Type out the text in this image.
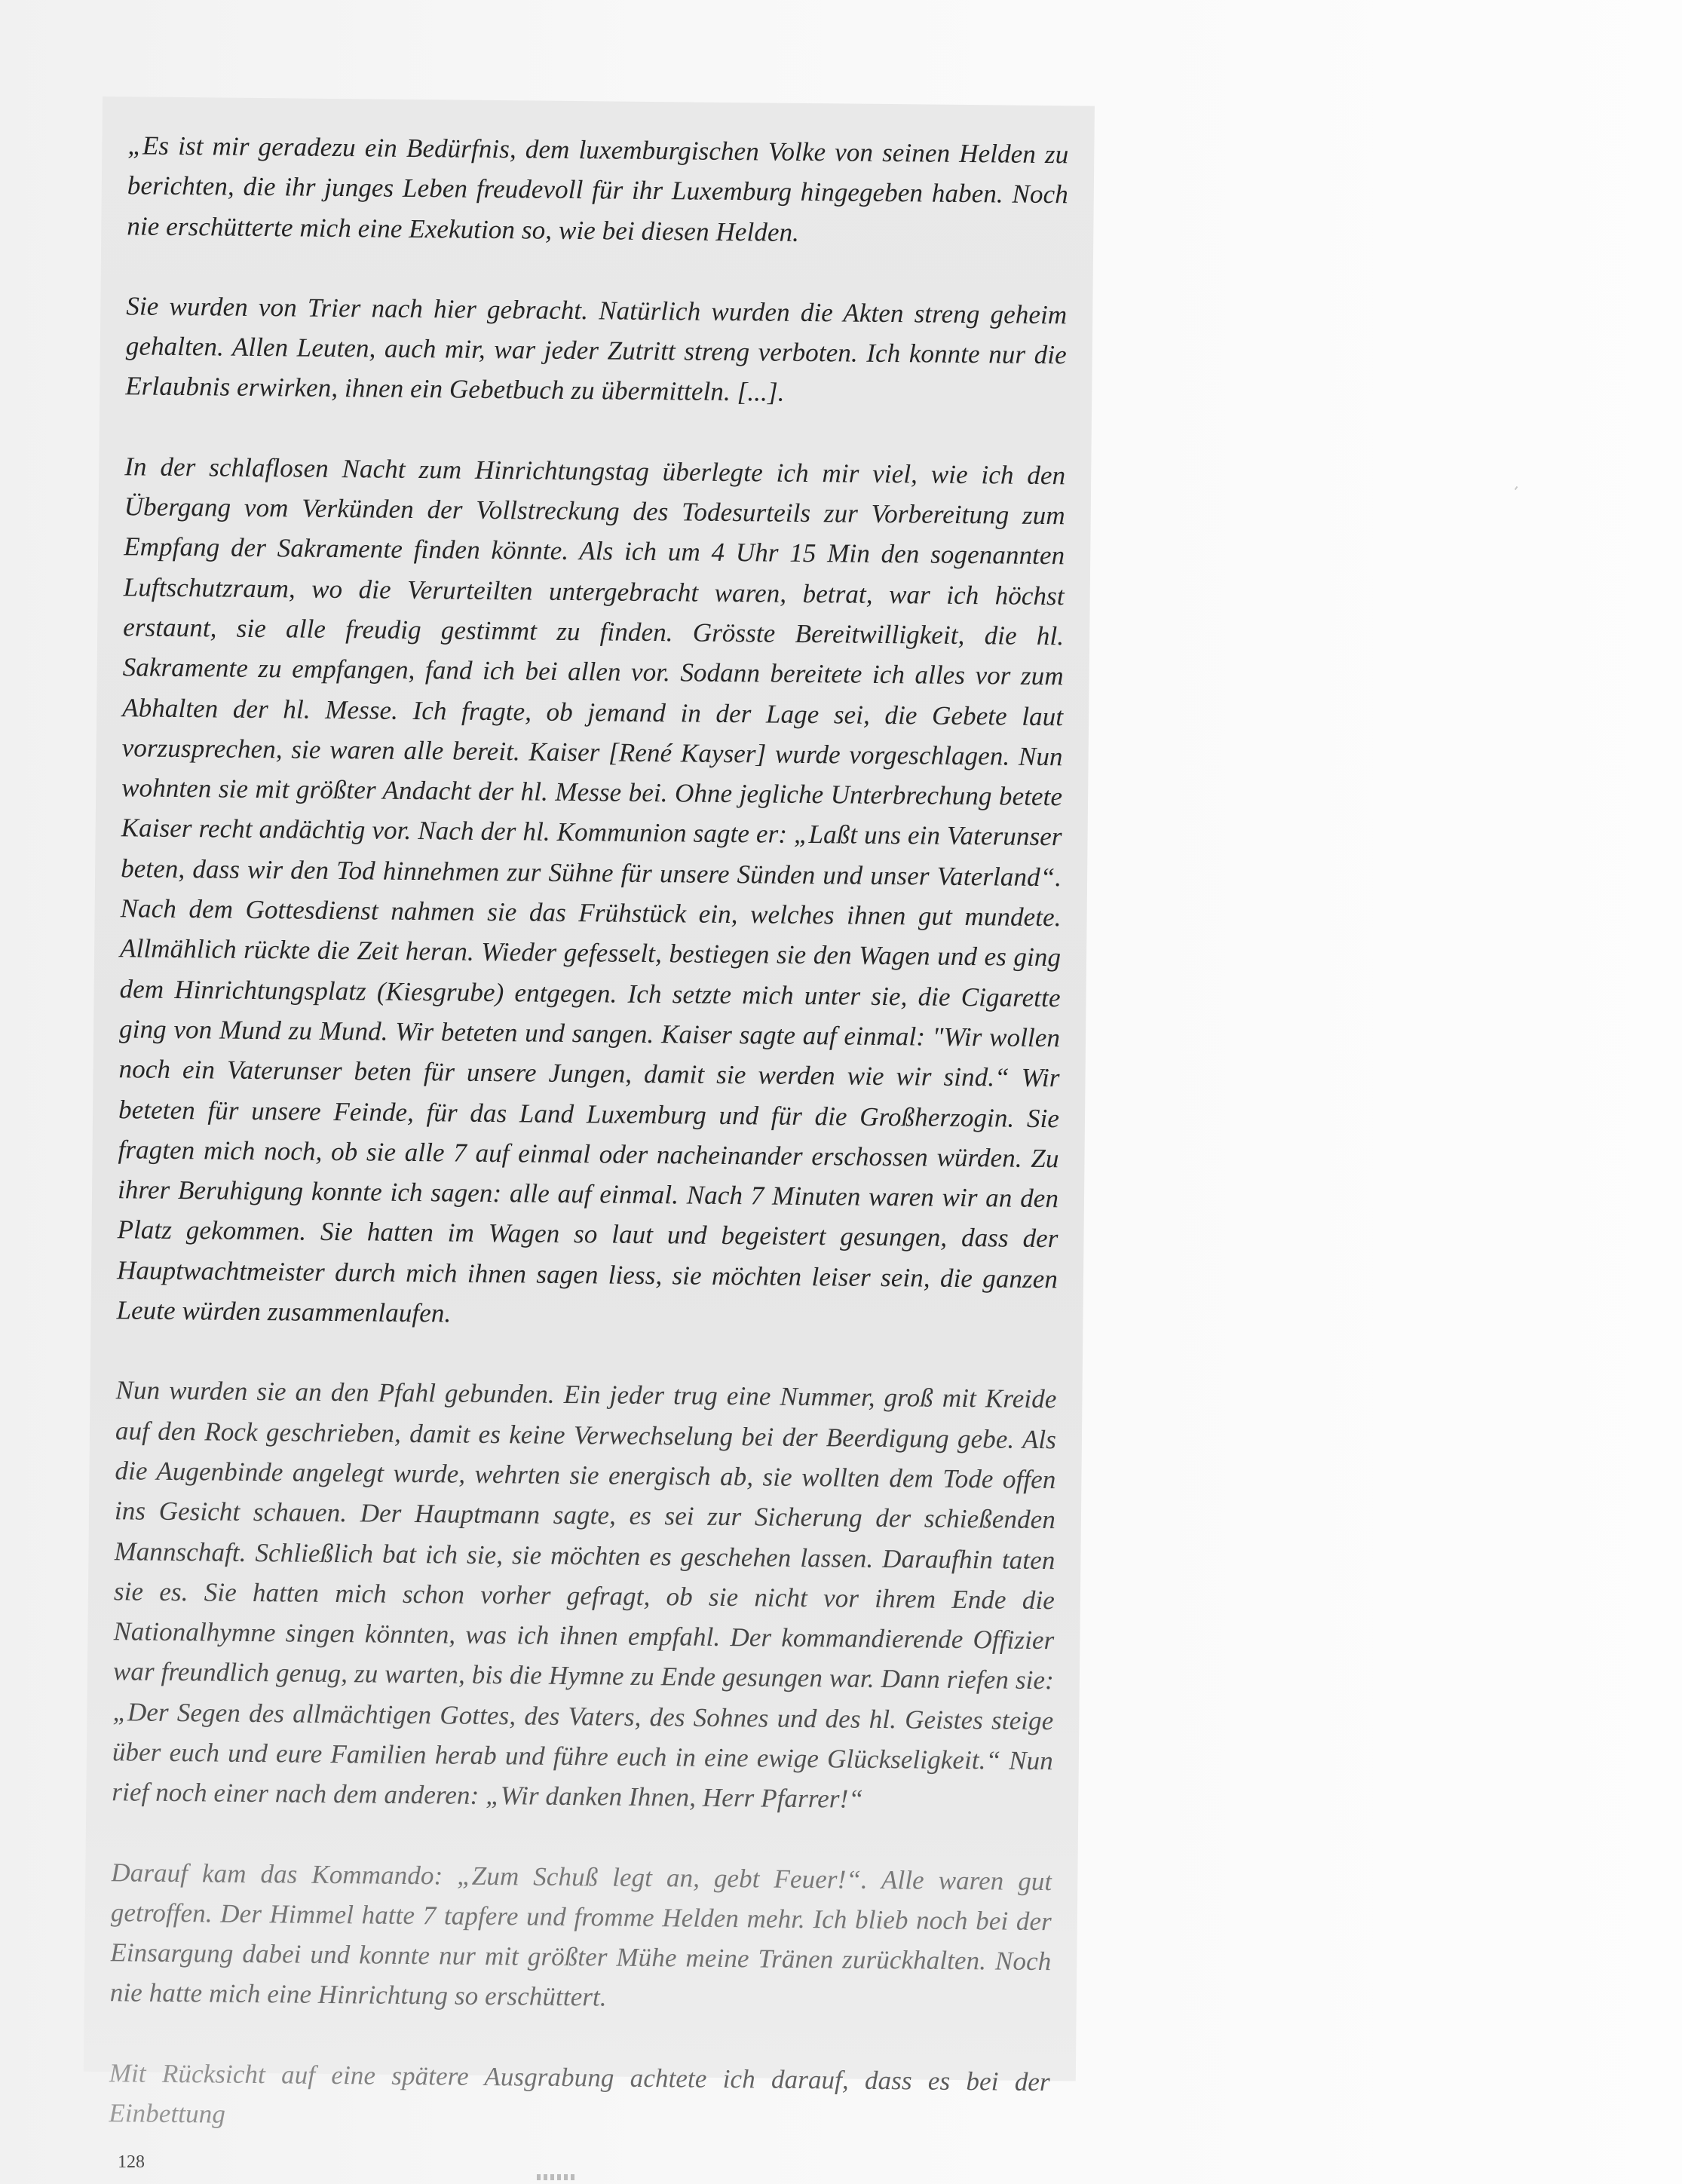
„Es ist mir geradezu ein Bedürfnis, dem luxemburgischen Volke von seinen Helden zu berichten, die ihr junges Leben freudevoll für ihr Luxemburg hingegeben haben. Noch nie erschütterte mich eine Exekution so, wie bei diesen Helden.

Sie wurden von Trier nach hier gebracht. Natürlich wurden die Akten streng geheim gehalten. Allen Leuten, auch mir, war jeder Zutritt streng verboten. Ich konnte nur die Erlaubnis erwirken, ihnen ein Gebetbuch zu übermitteln. [...].

In der schlaflosen Nacht zum Hinrichtungstag überlegte ich mir viel, wie ich den Übergang vom Verkünden der Vollstreckung des Todesurteils zur Vorbereitung zum Empfang der Sakramente finden könnte. Als ich um 4 Uhr 15 Min den sogenannten Luftschutzraum, wo die Verurteilten untergebracht waren, betrat, war ich höchst erstaunt, sie alle freudig gestimmt zu finden. Grösste Bereitwilligkeit, die hl. Sakramente zu empfangen, fand ich bei allen vor. Sodann bereitete ich alles vor zum Abhalten der hl. Messe. Ich fragte, ob jemand in der Lage sei, die Gebete laut vorzusprechen, sie waren alle bereit. Kaiser [René Kayser] wurde vorgeschlagen. Nun wohnten sie mit größter Andacht der hl. Messe bei. Ohne jegliche Unterbrechung betete Kaiser recht andächtig vor. Nach der hl. Kommunion sagte er: „Laßt uns ein Vaterunser beten, dass wir den Tod hinnehmen zur Sühne für unsere Sünden und unser Vaterland“. Nach dem Gottesdienst nahmen sie das Frühstück ein, welches ihnen gut mundete. Allmählich rückte die Zeit heran. Wieder gefesselt, bestiegen sie den Wagen und es ging dem Hinrichtungsplatz (Kiesgrube) entgegen. Ich setzte mich unter sie, die Cigarette ging von Mund zu Mund. Wir beteten und sangen. Kaiser sagte auf einmal: "Wir wollen noch ein Vaterunser beten für unsere Jungen, damit sie werden wie wir sind.“ Wir beteten für unsere Feinde, für das Land Luxemburg und für die Großherzogin. Sie fragten mich noch, ob sie alle 7 auf einmal oder nacheinander erschossen würden. Zu ihrer Beruhigung konnte ich sagen: alle auf einmal. Nach 7 Minuten waren wir an den Platz gekommen. Sie hatten im Wagen so laut und begeistert gesungen, dass der Hauptwachtmeister durch mich ihnen sagen liess, sie möchten leiser sein, die ganzen Leute würden zusammenlaufen.

Nun wurden sie an den Pfahl gebunden. Ein jeder trug eine Nummer, groß mit Kreide auf den Rock geschrieben, damit es keine Verwechselung bei der Beerdigung gebe. Als die Augenbinde angelegt wurde, wehrten sie energisch ab, sie wollten dem Tode offen ins Gesicht schauen. Der Hauptmann sagte, es sei zur Sicherung der schießenden Mannschaft. Schließlich bat ich sie, sie möchten es geschehen lassen. Daraufhin taten sie es. Sie hatten mich schon vorher gefragt, ob sie nicht vor ihrem Ende die Nationalhymne singen könnten, was ich ihnen empfahl. Der kommandierende Offizier war freundlich genug, zu warten, bis die Hymne zu Ende gesungen war. Dann riefen sie: „Der Segen des allmächtigen Gottes, des Vaters, des Sohnes und des hl. Geistes steige über euch und eure Familien herab und führe euch in eine ewige Glückseligkeit.“ Nun rief noch einer nach dem anderen: „Wir danken Ihnen, Herr Pfarrer!“

Darauf kam das Kommando: „Zum Schuß legt an, gebt Feuer!“. Alle waren gut getroffen. Der Himmel hatte 7 tapfere und fromme Helden mehr. Ich blieb noch bei der Einsargung dabei und konnte nur mit größter Mühe meine Tränen zurückhalten. Noch nie hatte mich eine Hinrichtung so erschüttert.

Mit Rücksicht auf eine spätere Ausgrabung achtete ich darauf, dass es bei der Einbettung

128
